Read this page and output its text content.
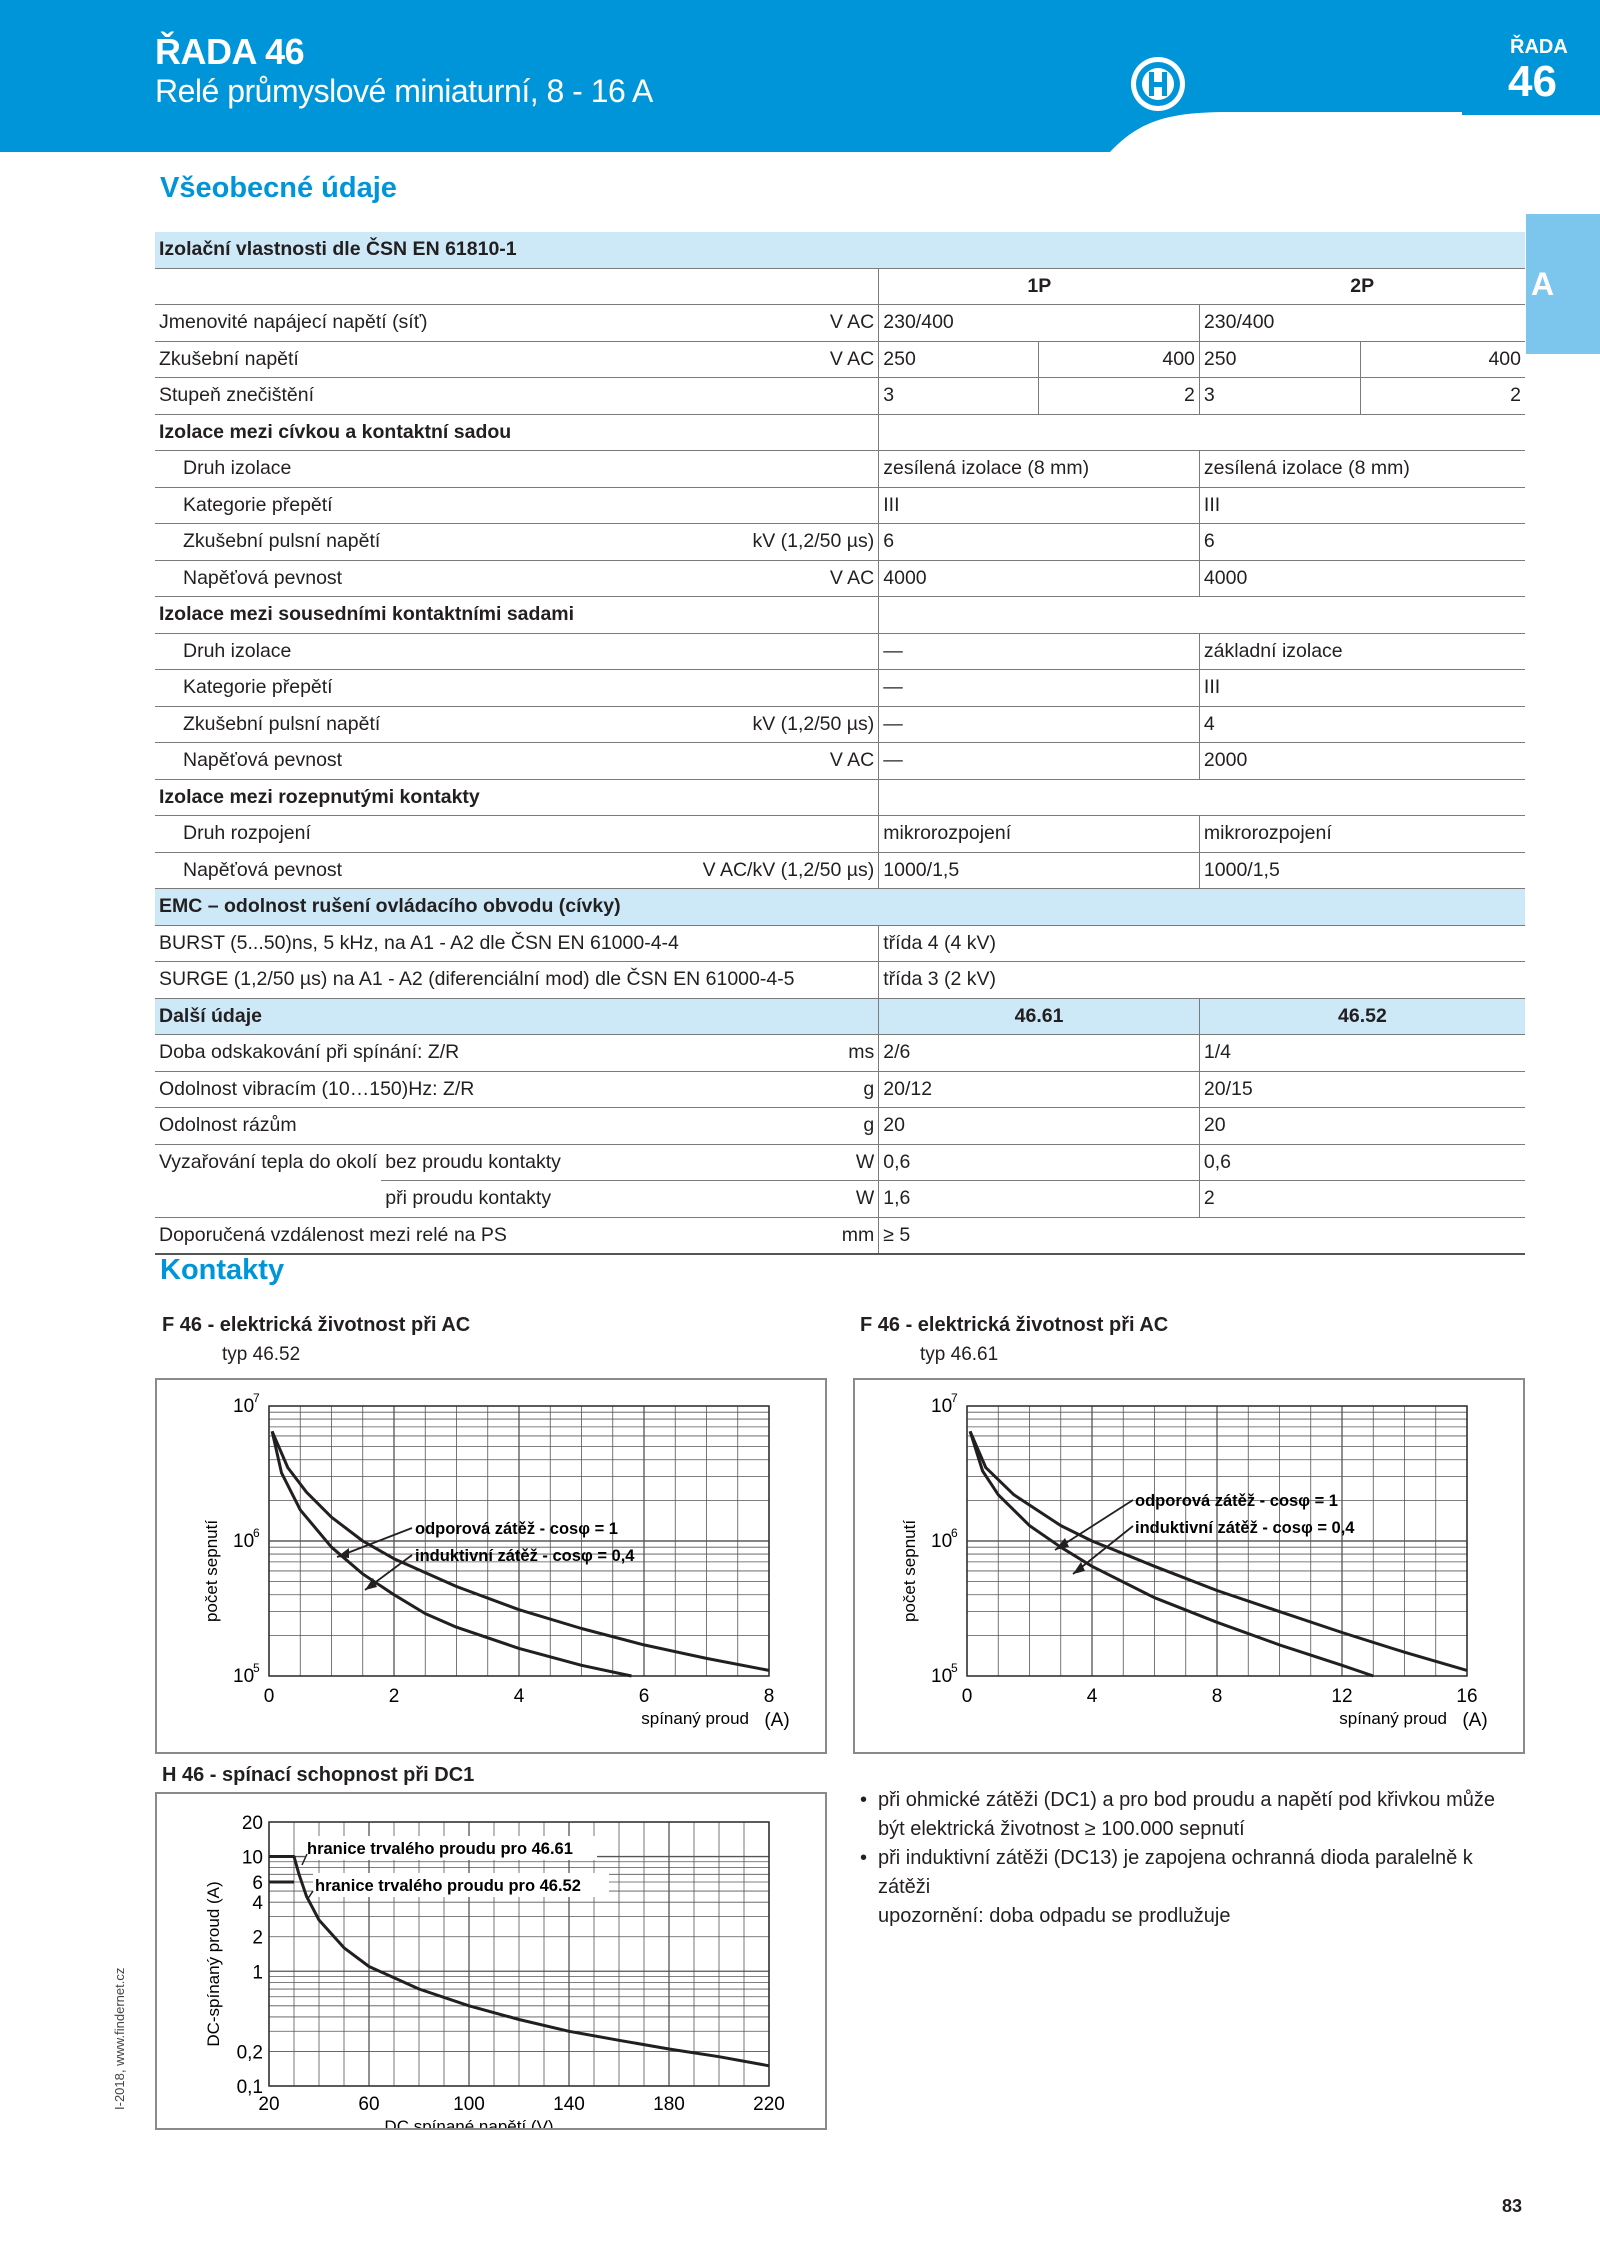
ŘADA 46
Relé průmyslové miniaturní, 8 - 16 A	finder
ŘADA
46
A
Všeobecné údaje
Izolační vlastnosti dle ČSN EN 61810-1						
			1P		2P	
Jmenovité napájecí napětí (síť)		V AC	230/400		230/400	
Zkušební napětí		V AC	250	400	250	400
Stupeň znečištění			3	2	3	2
Izolace mezi cívkou a kontaktní sadou						
Druh izolace			zesílená izolace (8 mm)		zesílená izolace (8 mm)	
Kategorie přepětí			III		III	
Zkušební pulsní napětí		kV (1,2/50 µs)	6		6	
Napěťová pevnost		V AC	4000		4000	
Izolace mezi sousedními kontaktními sadami						
Druh izolace			—		základní izolace	
Kategorie přepětí			—		III	
Zkušební pulsní napětí		kV (1,2/50 µs)	—		4	
Napěťová pevnost		V AC	—		2000	
Izolace mezi rozepnutými kontakty						
Druh rozpojení			mikrorozpojení		mikrorozpojení	
Napěťová pevnost		V AC/kV (1,2/50 µs)	1000/1,5		1000/1,5	
EMC – odolnost rušení ovládacího obvodu (cívky)						
BURST (5...50)ns, 5 kHz, na A1 - A2 dle ČSN EN 61000-4-4			třída 4 (4 kV)			
SURGE (1,2/50 µs) na A1 - A2 (diferenciální mod) dle ČSN EN 61000-4-5			třída 3 (2 kV)			
Další údaje			46.61		46.52	
Doba odskakování při spínání: Z/R		ms	2/6		1/4	
Odolnost vibracím (10…150)Hz: Z/R		g	20/12		20/15	
Odolnost rázům		g	20		20	
Vyzařování tepla do okolí	bez proudu kontakty	W	0,6		0,6	
	při proudu kontakty	W	1,6		2	
Doporučená vzdálenost mezi relé na PS		mm	≥ 5			
Kontakty
F 46 - elektrická životnost při AC
typ 46.52
0	2	4	6	8
10
5
10
6
10
7
spínaný proud (A)
počet sepnutí	odporová zátěž - cosφ = 1
induktivní zátěž - cosφ = 0,4
F 46 - elektrická životnost při AC
typ 46.61
0	4	8	12	16
10
5
10
6
10
7
spínaný proud (A)
počet sepnutí
odporová zátěž - cosφ = 1
induktivní zátěž - cosφ = 0,4
H 46 - spínací schopnost při DC1
hranice trvalého proudu pro 46.61
hranice trvalého proudu pro 46.52
20	60	100	140	180	220
20
10
6
4
2
1
0,2
0,1
DC spínané napětí (V)
DC-spínaný proud (A)
• při ohmické zátěži (DC1) a pro bod proudu a napětí pod křivkou může být elektrická životnost ≥ 100.000 sepnutí
• při induktivní zátěži (DC13) je zapojena ochranná dioda paralelně k zátěži
upozornění: doba odpadu se prodlužuje
I-2018, www.findernet.cz
83
